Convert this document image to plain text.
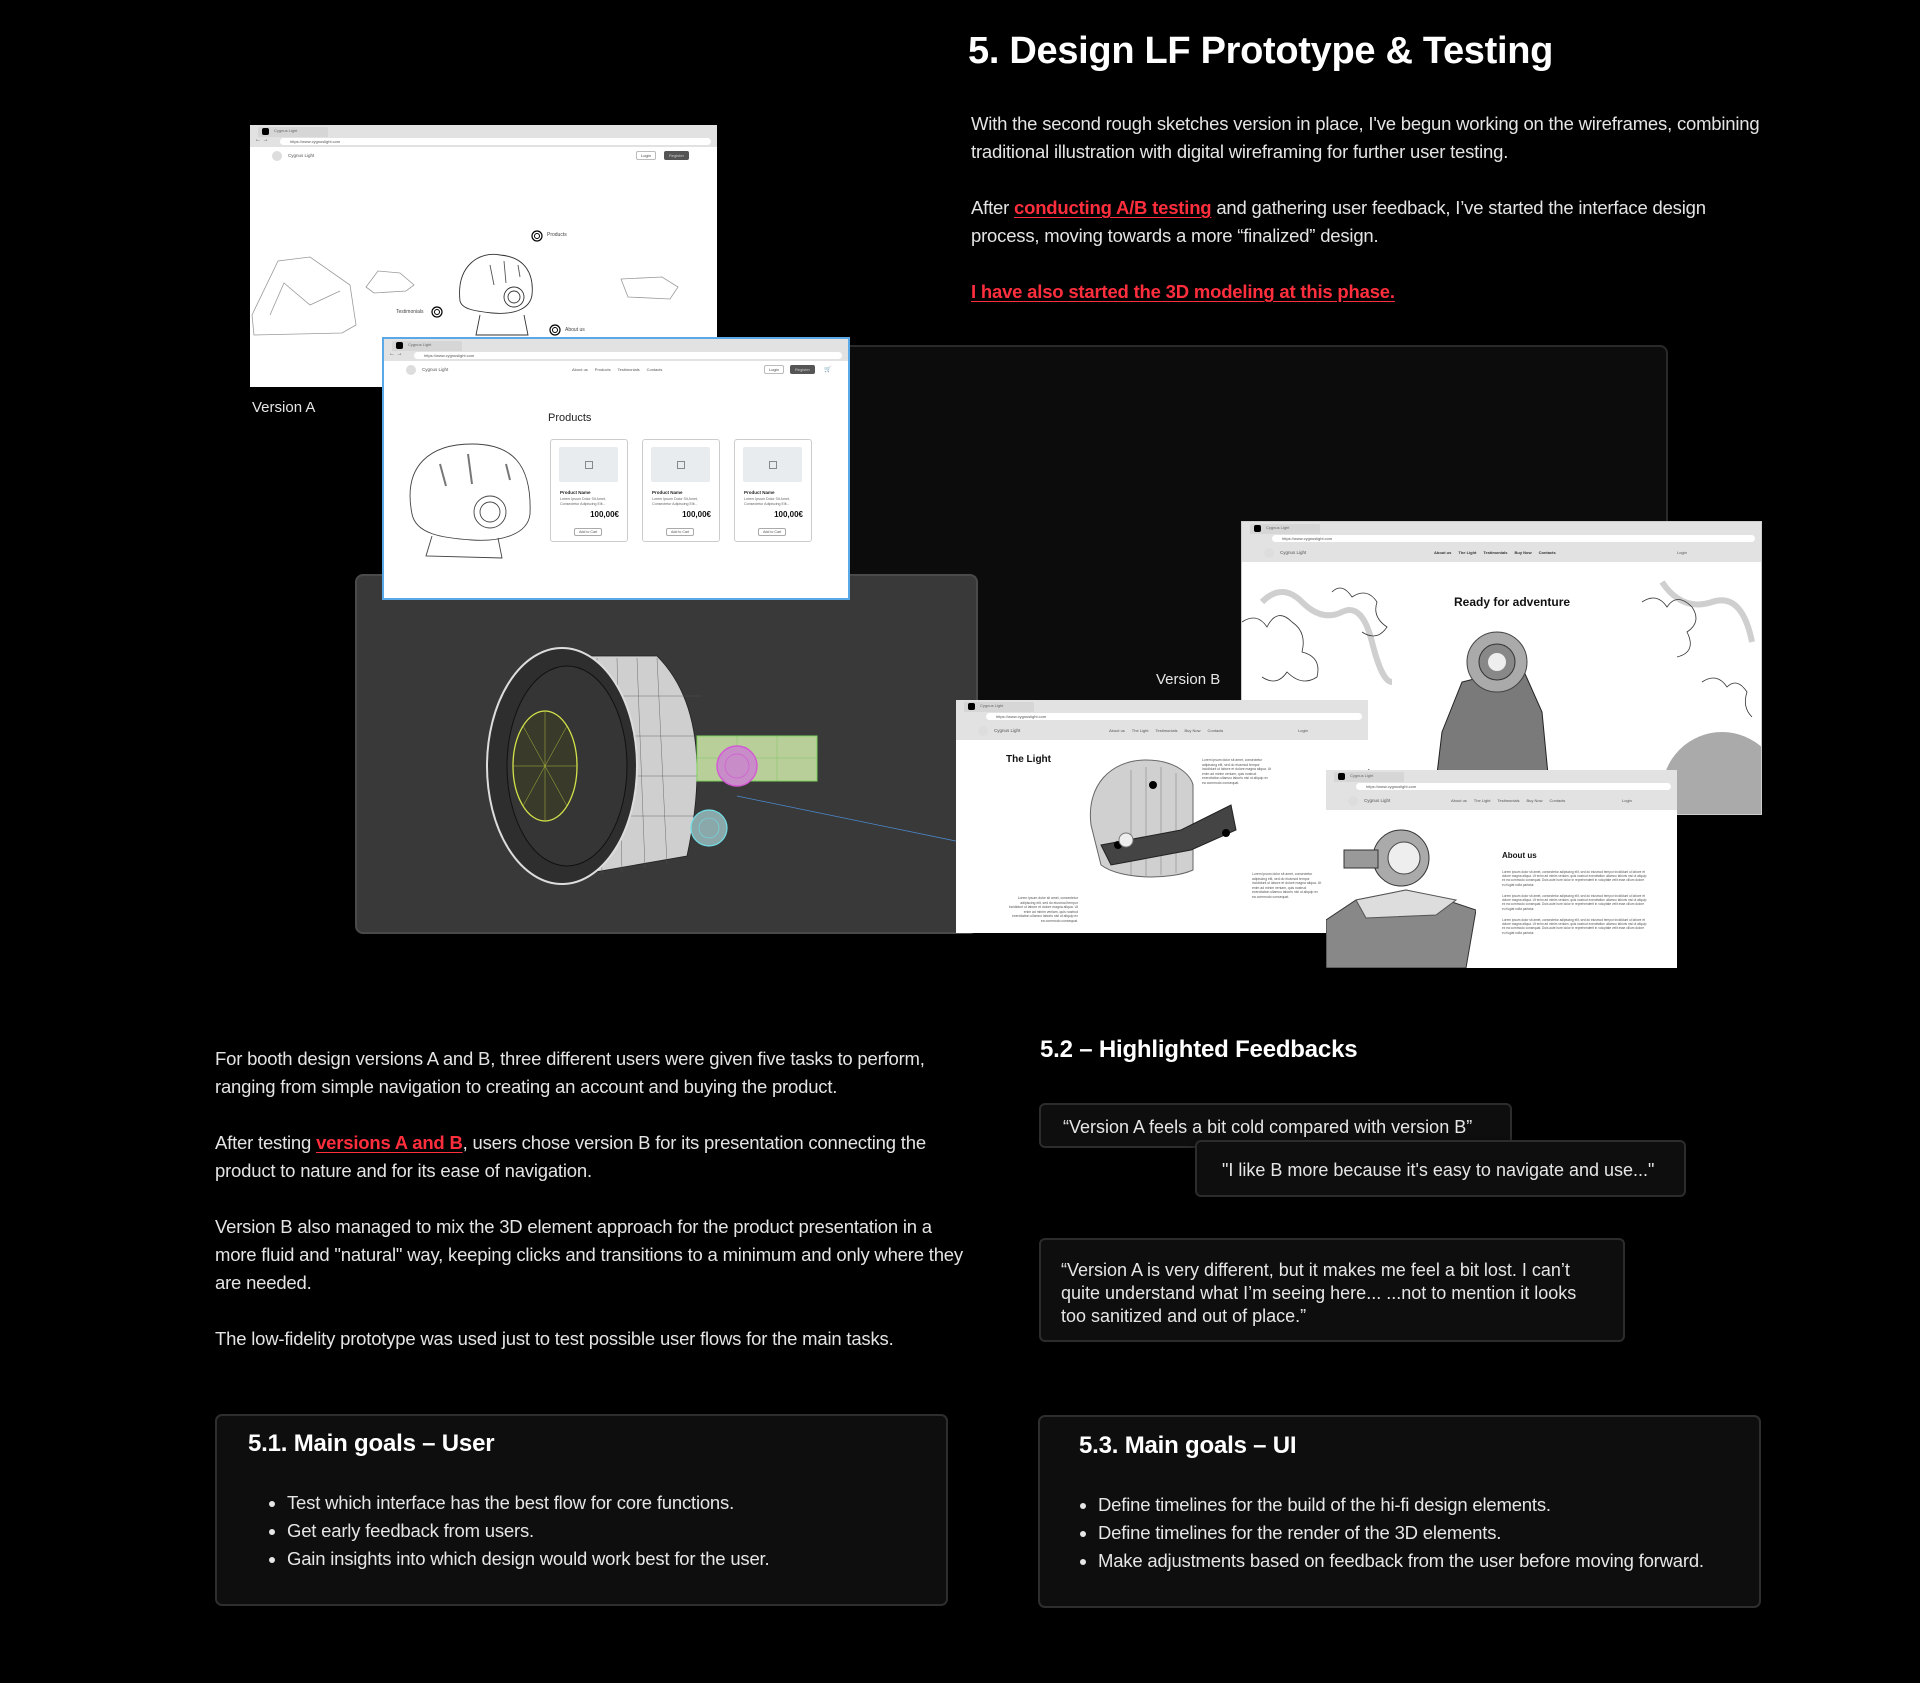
5. Design LF Prototype & Testing

With the second rough sketches version in place, I've begun working on the wireframes, combining traditional illustration with digital wireframing for further user testing.

After conducting A/B testing and gathering user feedback, I’ve started the interface design process, moving towards a more “finalized” design.

I have also started the 3D modeling at this phase.

Cygnus Light
← →	https://www.cygnuslight.com
Cygnus Light	Login	Register
Products
Testimonials
About us
Version A
Cygnus Light
← →	https://www.cygnuslight.com
Cygnus Light	About us Products Testimonials Contacts	Login	Register	🛒
Products
Product Name
Lorem Ipsum Dolor Sit Amet, Consectetur Adipiscing Elit...
100,00€
Add to Cart
Product Name
Lorem Ipsum Dolor Sit Amet, Consectetur Adipiscing Elit...
100,00€
Add to Cart
Product Name
Lorem Ipsum Dolor Sit Amet, Consectetur Adipiscing Elit...
100,00€
Add to Cart
Version B
Cygnus Light
https://www.cygnuslight.com
Cygnus Light	About us The Light Testimonials Buy Now Contacts	Login
Ready for adventure
Cygnus Light
https://www.cygnuslight.com
Cygnus Light	About us The Light Testimonials Buy Now Contacts	Login
The Light	Lorem ipsum dolor sit amet, consectetur adipiscing elit, sed do eiusmod tempor incididunt ut labore et dolore magna aliqua. Ut enim ad minim veniam, quis nostrud exercitation ullamco laboris nisi ut aliquip ex ea commodo consequat.
Lorem ipsum dolor sit amet, consectetur adipiscing elit, sed do eiusmod tempor incididunt ut labore et dolore magna aliqua. Ut enim ad minim veniam, quis nostrud exercitation ullamco laboris nisi ut aliquip ex ea commodo consequat.
Lorem ipsum dolor sit amet, consectetur adipiscing elit, sed do eiusmod tempor incididunt ut labore et dolore magna aliqua. Ut enim ad minim veniam, quis nostrud exercitation ullamco laboris nisi ut aliquip ex ea commodo consequat.
Cygnus Light
https://www.cygnuslight.com
Cygnus Light	About us The Light Testimonials Buy Now Contacts	Login
About us
Lorem ipsum dolor sit amet, consectetur adipiscing elit, sed do eiusmod tempor incididunt ut labore et dolore magna aliqua. Ut enim ad minim veniam, quis nostrud exercitation ullamco laboris nisi ut aliquip ex ea commodo consequat. Duis aute irure dolor in reprehenderit in voluptate velit esse cillum dolore eu fugiat nulla pariatur.
Lorem ipsum dolor sit amet, consectetur adipiscing elit, sed do eiusmod tempor incididunt ut labore et dolore magna aliqua. Ut enim ad minim veniam, quis nostrud exercitation ullamco laboris nisi ut aliquip ex ea commodo consequat. Duis aute irure dolor in reprehenderit in voluptate velit esse cillum dolore eu fugiat nulla pariatur.
Lorem ipsum dolor sit amet, consectetur adipiscing elit, sed do eiusmod tempor incididunt ut labore et dolore magna aliqua. Ut enim ad minim veniam, quis nostrud exercitation ullamco laboris nisi ut aliquip ex ea commodo consequat. Duis aute irure dolor in reprehenderit in voluptate velit esse cillum dolore eu fugiat nulla pariatur.

For booth design versions A and B, three different users were given five tasks to perform, ranging from simple navigation to creating an account and buying the product.

After testing versions A and B, users chose version B for its presentation connecting the product to nature and for its ease of navigation.

Version B also managed to mix the 3D element approach for the product presentation in a more fluid and "natural" way, keeping clicks and transitions to a minimum and only where they are needed.

The low-fidelity prototype was used just to test possible user flows for the main tasks.

5.2 – Highlighted Feedbacks
“Version A feels a bit cold compared with version B”
"I like B more because it's easy to navigate and use..."
“Version A is very different, but it makes me feel a bit lost. I can’t quite understand what I’m seeing here... ...not to mention it looks too sanitized and out of place.”
5.1. Main goals – User
• Test which interface has the best flow for core functions.
• Get early feedback from users.
• Gain insights into which design would work best for the user.
5.3. Main goals – UI
• Define timelines for the build of the hi-fi design elements.
• Define timelines for the render of the 3D elements.
• Make adjustments based on feedback from the user before moving forward.
